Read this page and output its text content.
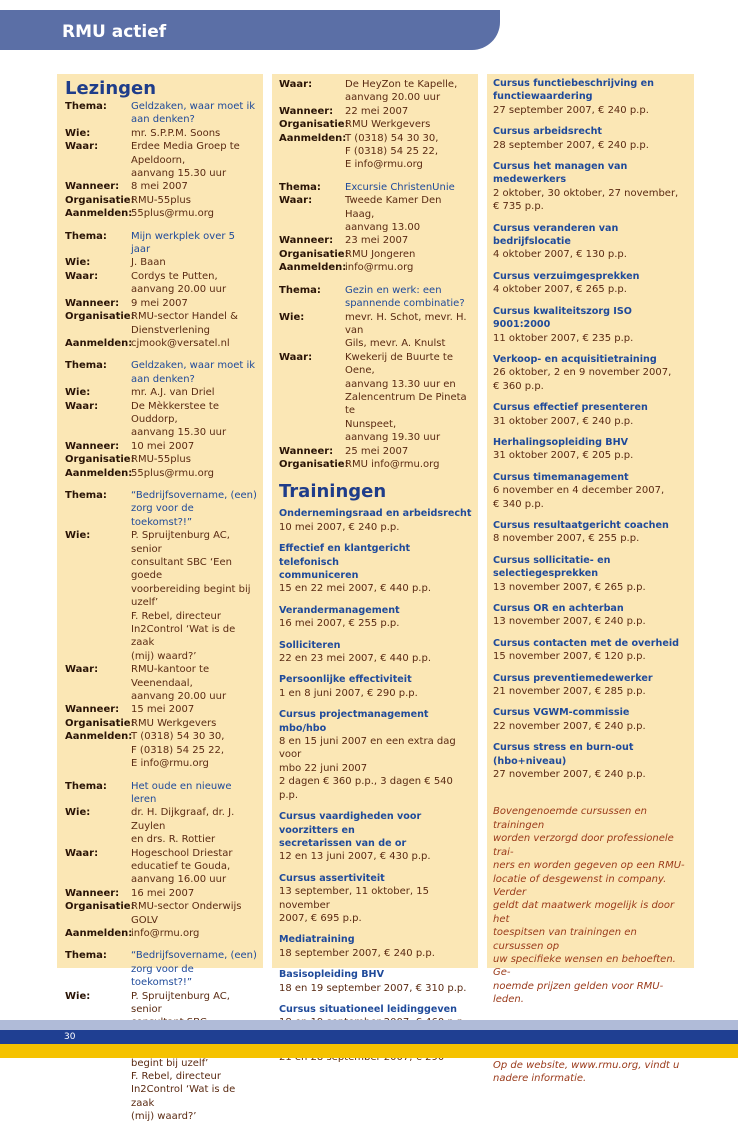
RMU actief
Lezingen
Thema:	Geldzaken, waar moet ik
aan denken?
Wie:	mr. S.P.P.M. Soons
Waar:	Erdee Media Groep te
Apeldoorn,
aanvang 15.30 uur
Wanneer:	8 mei 2007
Organisatie:
RMU-55plus
Aanmelden:
55plus@rmu.org
Thema:	Mijn werkplek over 5 jaar
Wie:	J. Baan
Waar:	Cordys te Putten,
aanvang 20.00 uur
Wanneer:	9 mei 2007
Organisatie:
RMU-sector Handel &
Dienstverlening
Aanmelden:
cjmook@versatel.nl
Thema:	Geldzaken, waar moet ik
aan denken?
Wie:	mr. A.J. van Driel
Waar:	De Mèkkerstee te Ouddorp,
aanvang 15.30 uur
Wanneer:	10 mei 2007
Organisatie:
RMU-55plus
Aanmelden:
55plus@rmu.org
Thema:	“Bedrijfsovername, (een)
zorg voor de toekomst?!”
Wie:	P. Spruijtenburg AC, senior
consultant SBC ‘Een goede
voorbereiding begint bij
uzelf’
F. Rebel, directeur
In2Control ‘Wat is de zaak
(mij) waard?’
Waar:	RMU-kantoor te
Veenendaal,
aanvang 20.00 uur
Wanneer:	15 mei 2007
Organisatie:
RMU Werkgevers
Aanmelden:
T (0318) 54 30 30,
F (0318) 54 25 22,
E info@rmu.org
Thema:	Het oude en nieuwe leren
Wie:	dr. H. Dijkgraaf, dr. J. Zuylen
en drs. R. Rottier
Waar:	Hogeschool Driestar
educatief te Gouda,
aanvang 16.00 uur
Wanneer:	16 mei 2007
Organisatie:
RMU-sector Onderwijs GOLV
Aanmelden:
info@rmu.org
Thema:	“Bedrijfsovername, (een)
zorg voor de toekomst?!”
Wie:	P. Spruijtenburg AC, senior

begint bij uzelf’
F. Rebel, directeur
In2Control ‘Wat is de zaak
(mij) waard?’
Waar:	De HeyZon te Kapelle,
aanvang 20.00 uur
Wanneer:	22 mei 2007
Organisatie:
RMU Werkgevers
Aanmelden:
T (0318) 54 30 30,
F (0318) 54 25 22,
E info@rmu.org
Thema:	Excursie ChristenUnie
Waar:	Tweede Kamer Den Haag,
aanvang 13.00
Wanneer:	23 mei 2007
Organisatie:
RMU Jongeren
Aanmelden:
info@rmu.org
Thema:	Gezin en werk: een
spannende combinatie?
Wie:	mevr. H. Schot, mevr. H. van
Gils, mevr. A. Knulst
Waar:	Kwekerij de Buurte te Oene,
aanvang 13.30 uur en
Zalencentrum De Pineta te
Nunspeet,
aanvang 19.30 uur
Wanneer:	25 mei 2007
Organisatie:
RMU info@rmu.org
Trainingen
Ondernemingsraad en arbeidsrecht
10 mei 2007, € 240 p.p.
Effectief en klantgericht telefonisch
communiceren
15 en 22 mei 2007, € 440 p.p.
Verandermanagement
16 mei 2007, € 255 p.p.
Solliciteren
22 en 23 mei 2007, € 440 p.p.
Persoonlijke effectiviteit
1 en 8 juni 2007, € 290 p.p.
Cursus projectmanagement mbo/hbo
8 en 15 juni 2007 en een extra dag voor
mbo 22 juni 2007
2 dagen € 360 p.p., 3 dagen € 540 p.p.
Cursus vaardigheden voor voorzitters en
secretarissen van de or
12 en 13 juni 2007, € 430 p.p.
Cursus assertiviteit
13 september, 11 oktober, 15 november
2007, € 695 p.p.
Mediatraining
18 september 2007, € 240 p.p.
Basisopleiding BHV
18 en 19 september 2007, € 310 p.p.
Cursus situationeel leidinggeven
Cursus functiebeschrijving en
functiewaardering
27 september 2007, € 240 p.p.
Cursus arbeidsrecht
28 september 2007, € 240 p.p.
Cursus het managen van medewerkers
2 oktober, 30 oktober, 27 november,
€ 735 p.p.
Cursus veranderen van bedrijfslocatie
4 oktober 2007, € 130 p.p.
Cursus verzuimgesprekken
4 oktober 2007, € 265 p.p.
Cursus kwaliteitszorg ISO 9001:2000
11 oktober 2007, € 235 p.p.
Verkoop- en acquisitietraining
26 oktober, 2 en 9 november 2007,
€ 360 p.p.
Cursus effectief presenteren
31 oktober 2007, € 240 p.p.
Herhalingsopleiding BHV
31 oktober 2007, € 205 p.p.
Cursus timemanagement
6 november en 4 december 2007,
€ 340 p.p.
Cursus resultaatgericht coachen
8 november 2007, € 255 p.p.
Cursus sollicitatie- en selectiegesprekken
13 november 2007, € 265 p.p.
Cursus OR en achterban
13 november 2007, € 240 p.p.
Cursus contacten met de overheid
15 november 2007, € 120 p.p.
Cursus preventiemedewerker
21 november 2007, € 285 p.p.
Cursus VGWM-commissie
22 november 2007, € 240 p.p.
Cursus stress en burn-out (hbo+niveau)
27 november 2007, € 240 p.p.

Bovengenoemde cursussen en trainingen
worden verzorgd door professionele trai-
ners en worden gegeven op een RMU-
locatie of desgewenst in company. Verder
geldt dat maatwerk mogelijk is door het
toespitsen van trainingen en cursussen op
uw specifieke wensen en behoeften. Ge-
noemde prijzen gelden voor RMU-leden.

Op de website, www.rmu.org, vindt u
nadere informatie.

30
